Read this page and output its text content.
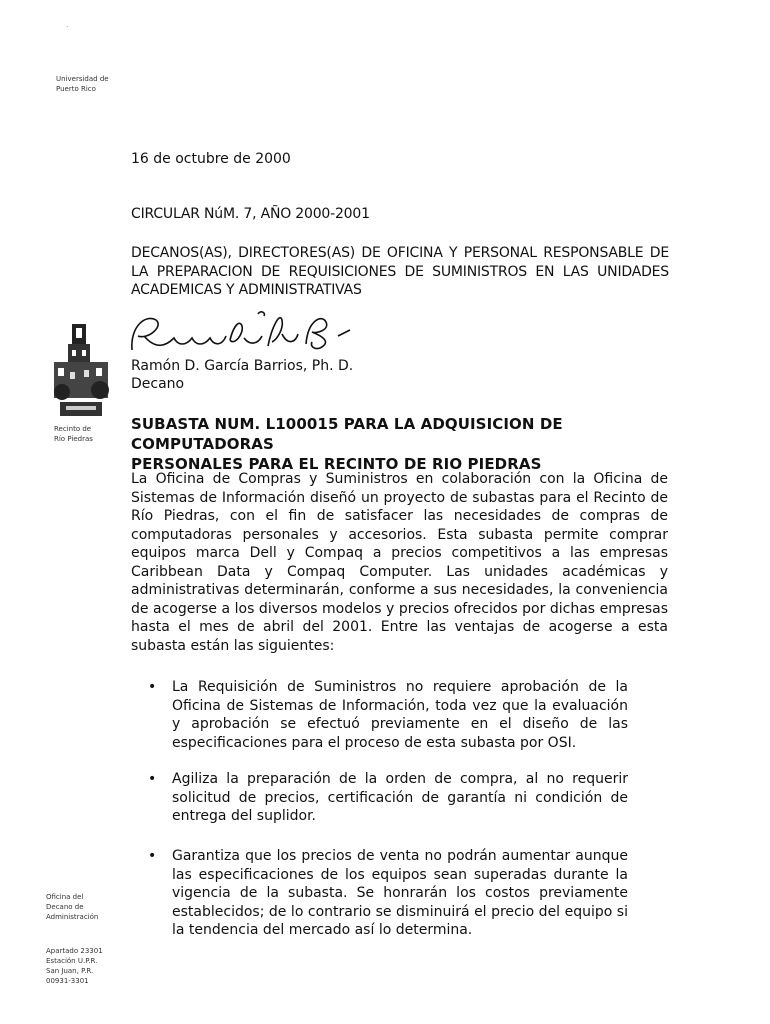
.
Universidad de
Puerto Rico
Recinto de
Río Piedras
Oficina del
Decano de
Administración
Apartado 23301
Estación U.P.R.
San Juan, P.R.
00931-3301
16 de octubre de 2000
CIRCULAR NúM. 7, AÑO 2000-2001
DECANOS(AS), DIRECTORES(AS) DE OFICINA Y PERSONAL RESPONSABLE DE LA PREPARACION DE REQUISICIONES DE SUMINISTROS EN LAS UNIDADES ACADEMICAS Y ADMINISTRATIVAS
Ramón D. García Barrios, Ph. D.
Decano
SUBASTA NUM. L100015 PARA LA ADQUISICION DE COMPUTADORAS
PERSONALES PARA EL RECINTO DE RIO PIEDRAS
La Oficina de Compras y Suministros en colaboración con la Oficina de Sistemas de Información diseñó un proyecto de subastas para el Recinto de Río Piedras, con el fin de satisfacer las necesidades de compras de computadoras personales y accesorios. Esta subasta permite comprar equipos marca Dell y Compaq a precios competitivos a las empresas Caribbean Data y Compaq Computer. Las unidades académicas y administrativas determinarán, conforme a sus necesidades, la conveniencia de acogerse a los diversos modelos y precios ofrecidos por dichas empresas hasta el mes de abril del 2001. Entre las ventajas de acogerse a esta subasta están las siguientes:
• La Requisición de Suministros no requiere aprobación de la Oficina de Sistemas de Información, toda vez que la evaluación y aprobación se efectuó previamente en el diseño de las especificaciones para el proceso de esta subasta por OSI.
• Agiliza la preparación de la orden de compra, al no requerir solicitud de precios, certificación de garantía ni condición de entrega del suplidor.
• Garantiza que los precios de venta no podrán aumentar aunque las especificaciones de los equipos sean superadas durante la vigencia de la subasta. Se honrarán los costos previamente establecidos; de lo contrario se disminuirá el precio del equipo si la tendencia del mercado así lo determina.
